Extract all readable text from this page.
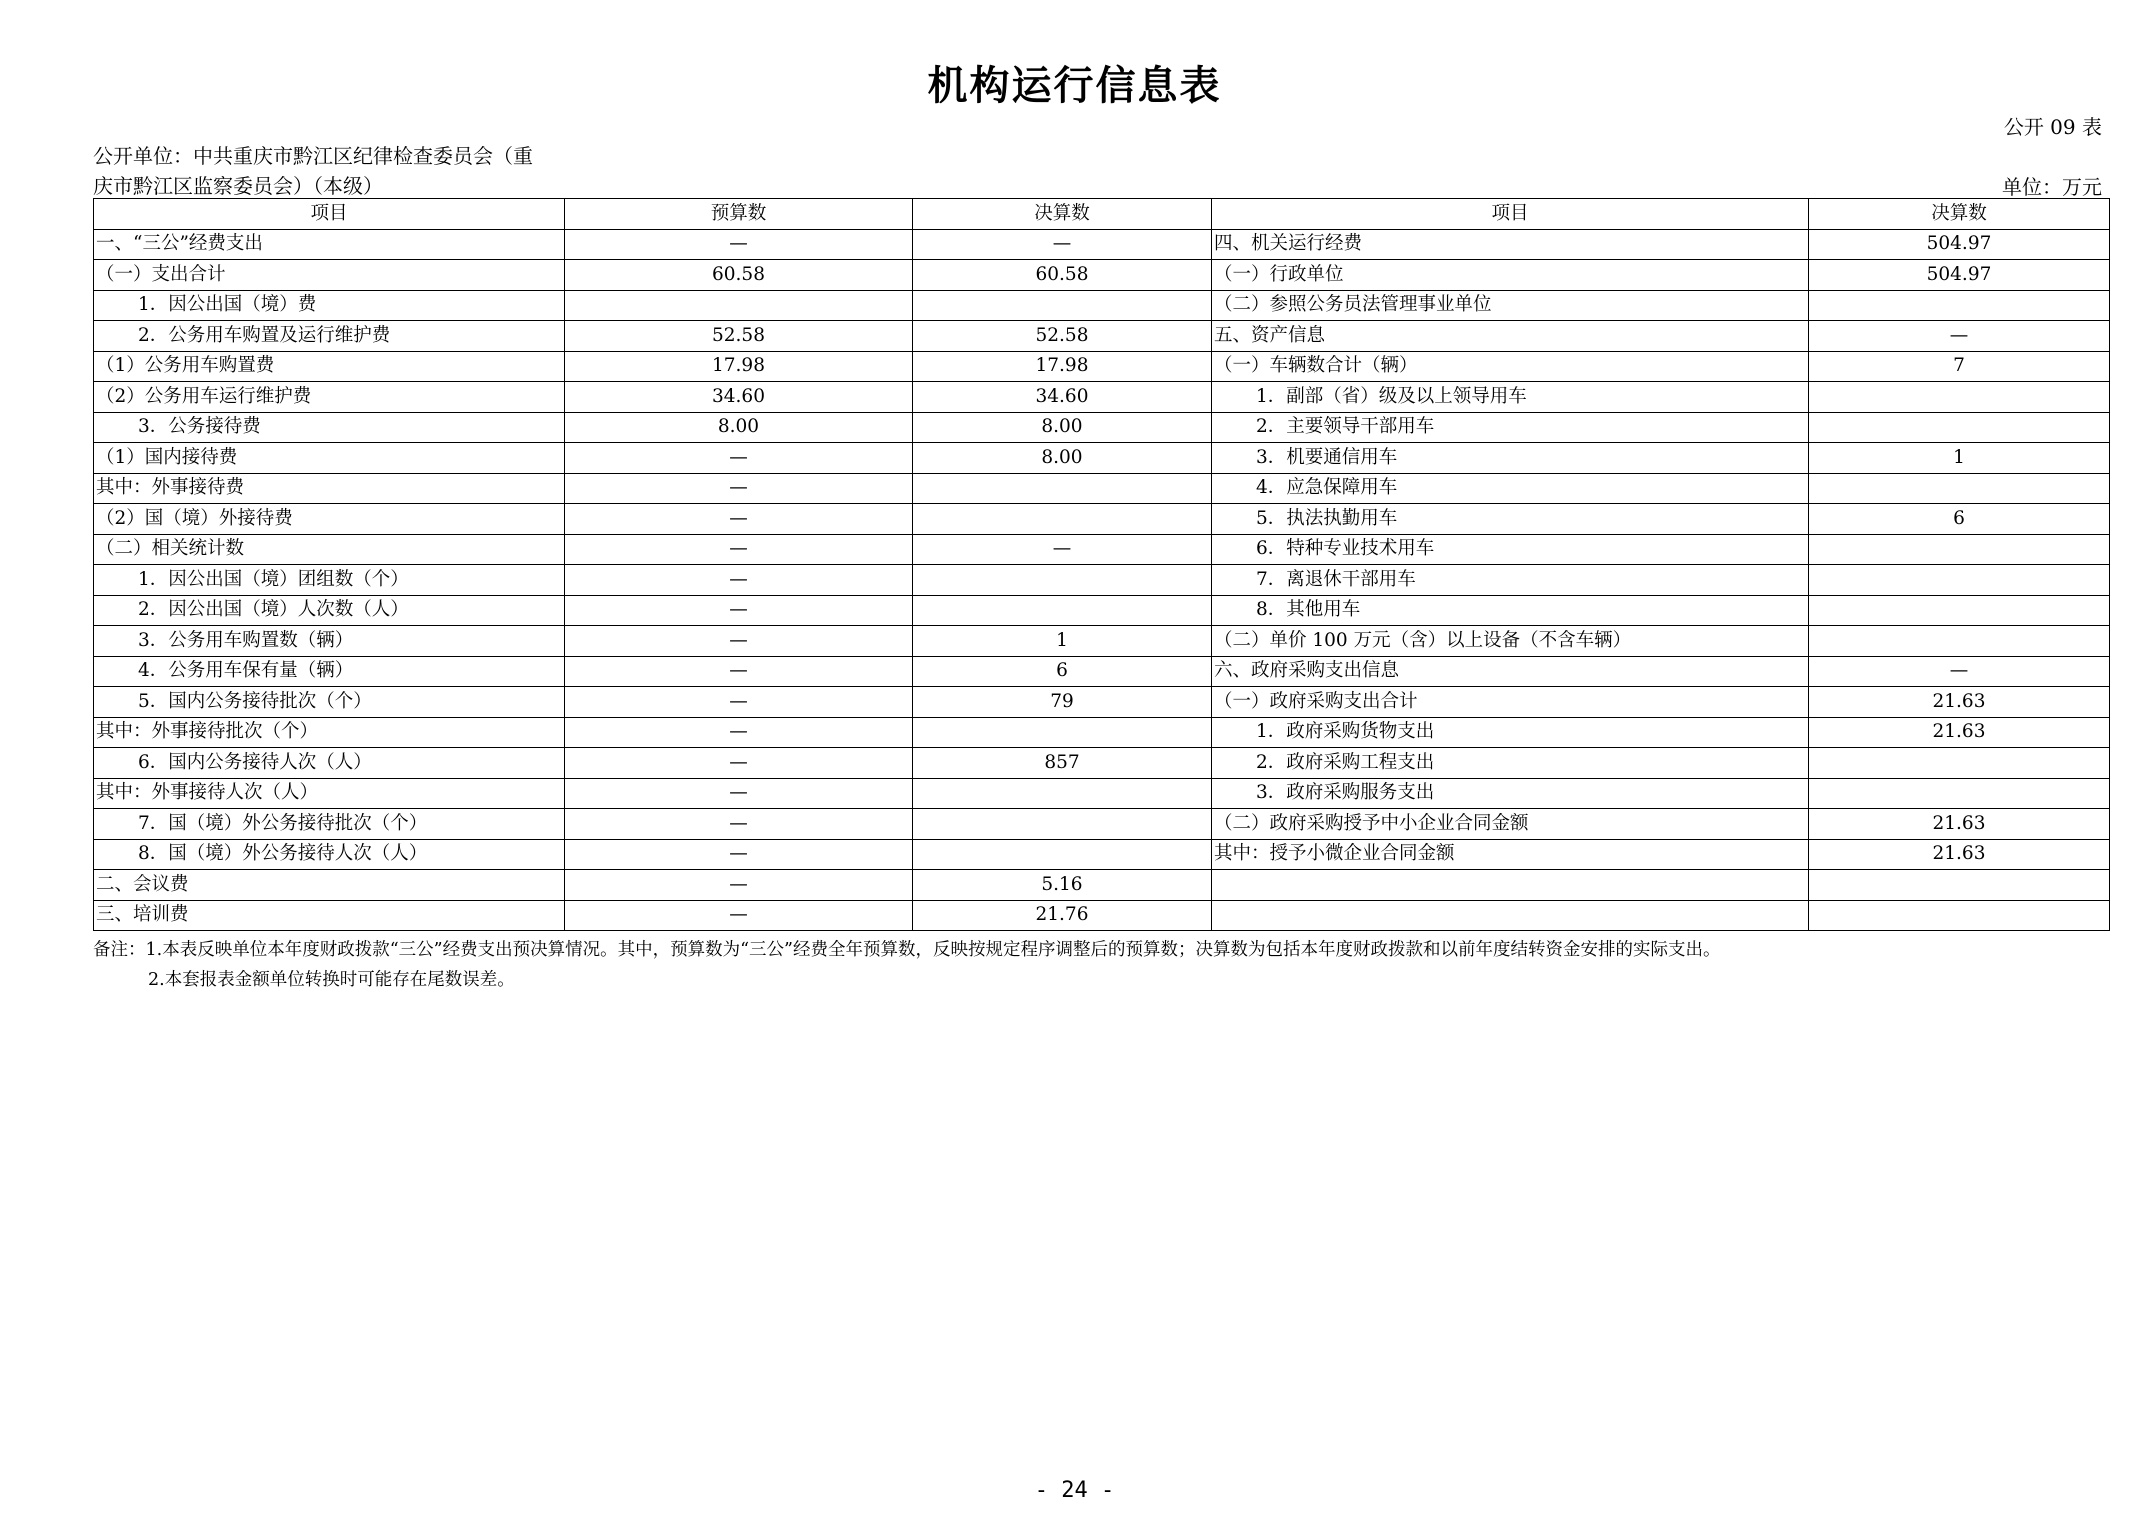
机构运行信息表
公开 09 表
公开单位：中共重庆市黔江区纪律检查委员会（重
庆市黔江区监察委员会）（本级）	单位：万元
项目	预算数	决算数	项目	决算数
一、“三公”经费支出	—	—	四、机关运行经费	504.97
（一）支出合计	60.58	60.58	（一）行政单位	504.97
1．因公出国（境）费			（二）参照公务员法管理事业单位	
2．公务用车购置及运行维护费	52.58	52.58	五、资产信息	—
（1）公务用车购置费	17.98	17.98	（一）车辆数合计（辆）	7
（2）公务用车运行维护费	34.60	34.60	1．副部（省）级及以上领导用车	
3．公务接待费	8.00	8.00	2．主要领导干部用车	
（1）国内接待费	—	8.00	3．机要通信用车	1
其中：外事接待费	—		4．应急保障用车	
（2）国（境）外接待费	—		5．执法执勤用车	6
（二）相关统计数	—	—	6．特种专业技术用车	
1．因公出国（境）团组数（个）	—		7．离退休干部用车	
2．因公出国（境）人次数（人）	—		8．其他用车	
3．公务用车购置数（辆）	—	1	（二）单价 100 万元（含）以上设备（不含车辆）	
4．公务用车保有量（辆）	—	6	六、政府采购支出信息	—
5．国内公务接待批次（个）	—	79	（一）政府采购支出合计	21.63
其中：外事接待批次（个）	—		1．政府采购货物支出	21.63
6．国内公务接待人次（人）	—	857	2．政府采购工程支出	
其中：外事接待人次（人）	—		3．政府采购服务支出	
7．国（境）外公务接待批次（个）	—		（二）政府采购授予中小企业合同金额	21.63
8．国（境）外公务接待人次（人）	—		其中：授予小微企业合同金额	21.63
二、会议费	—	5.16		
三、培训费	—	21.76		
备注：1.本表反映单位本年度财政拨款“三公”经费支出预决算情况。其中，预算数为“三公”经费全年预算数，反映按规定程序调整后的预算数；决算数为包括本年度财政拨款和以前年度结转资金安排的实际支出。
2.本套报表金额单位转换时可能存在尾数误差。
- 24 -
